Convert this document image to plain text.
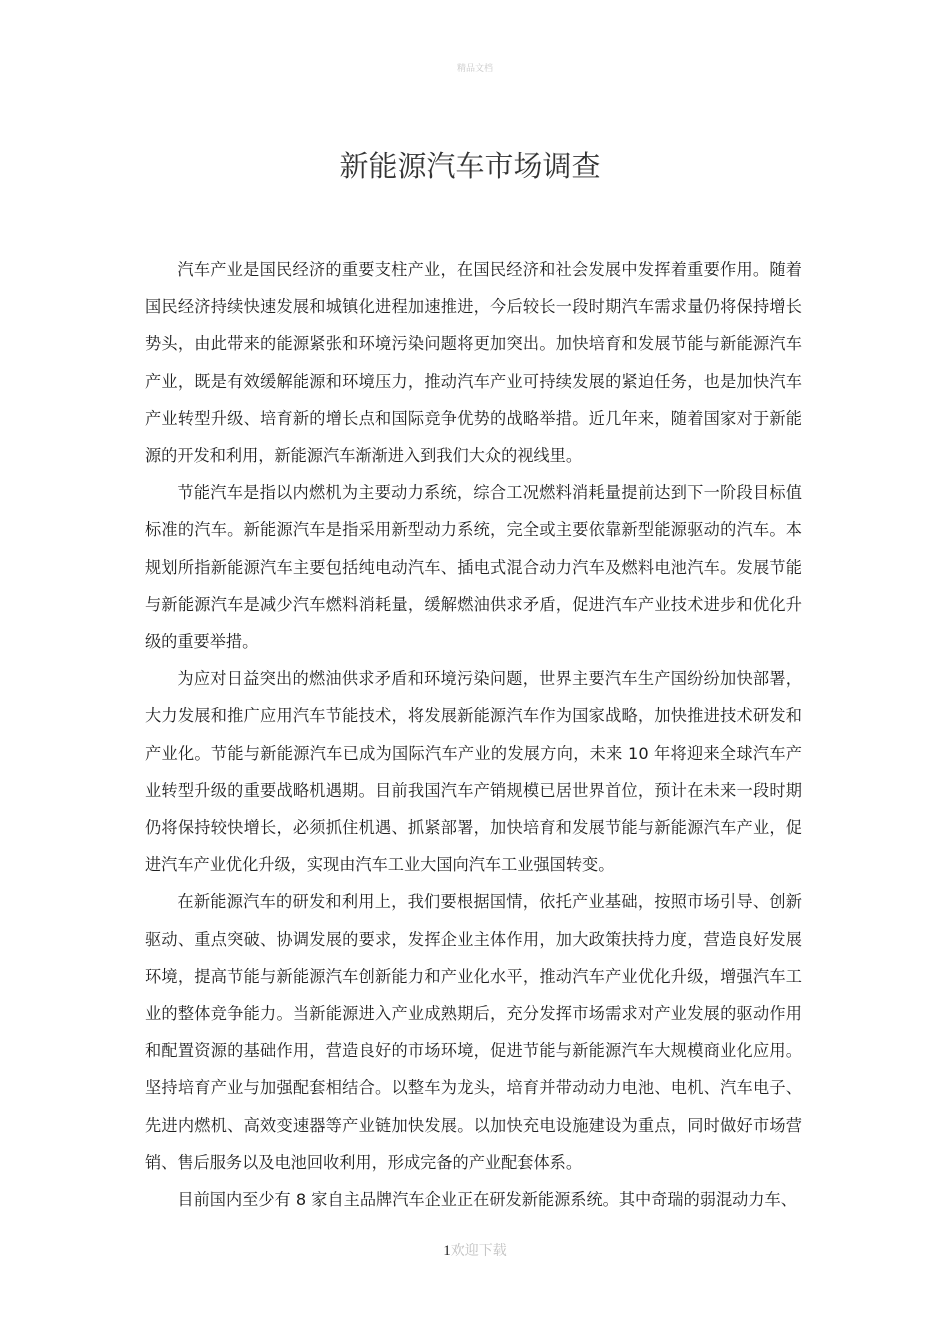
精品文档
新能源汽车市场调查

汽车产业是国民经济的重要支柱产业，在国民经济和社会发展中发挥着重要作用。随着国民经济持续快速发展和城镇化进程加速推进，今后较长一段时期汽车需求量仍将保持增长势头，由此带来的能源紧张和环境污染问题将更加突出。加快培育和发展节能与新能源汽车产业，既是有效缓解能源和环境压力，推动汽车产业可持续发展的紧迫任务，也是加快汽车产业转型升级、培育新的增长点和国际竞争优势的战略举措。近几年来，随着国家对于新能源的开发和利用，新能源汽车渐渐进入到我们大众的视线里。

节能汽车是指以内燃机为主要动力系统，综合工况燃料消耗量提前达到下一阶段目标值标准的汽车。新能源汽车是指采用新型动力系统，完全或主要依靠新型能源驱动的汽车。本规划所指新能源汽车主要包括纯电动汽车、插电式混合动力汽车及燃料电池汽车。发展节能与新能源汽车是减少汽车燃料消耗量，缓解燃油供求矛盾，促进汽车产业技术进步和优化升级的重要举措。

为应对日益突出的燃油供求矛盾和环境污染问题，世界主要汽车生产国纷纷加快部署，大力发展和推广应用汽车节能技术，将发展新能源汽车作为国家战略，加快推进技术研发和产业化。节能与新能源汽车已成为国际汽车产业的发展方向，未来 10 年将迎来全球汽车产业转型升级的重要战略机遇期。目前我国汽车产销规模已居世界首位，预计在未来一段时期仍将保持较快增长，必须抓住机遇、抓紧部署，加快培育和发展节能与新能源汽车产业，促进汽车产业优化升级，实现由汽车工业大国向汽车工业强国转变。

在新能源汽车的研发和利用上，我们要根据国情，依托产业基础，按照市场引导、创新驱动、重点突破、协调发展的要求，发挥企业主体作用，加大政策扶持力度，营造良好发展环境，提高节能与新能源汽车创新能力和产业化水平，推动汽车产业优化升级，增强汽车工业的整体竞争能力。当新能源进入产业成熟期后，充分发挥市场需求对产业发展的驱动作用和配置资源的基础作用，营造良好的市场环境，促进节能与新能源汽车大规模商业化应用。坚持培育产业与加强配套相结合。以整车为龙头，培育并带动动力电池、电机、汽车电子、先进内燃机、高效变速器等产业链加快发展。以加快充电设施建设为重点，同时做好市场营销、售后服务以及电池回收利用，形成完备的产业配套体系。

目前国内至少有 8 家自主品牌汽车企业正在研发新能源系统。其中奇瑞的弱混动力车、

1欢迎下载
